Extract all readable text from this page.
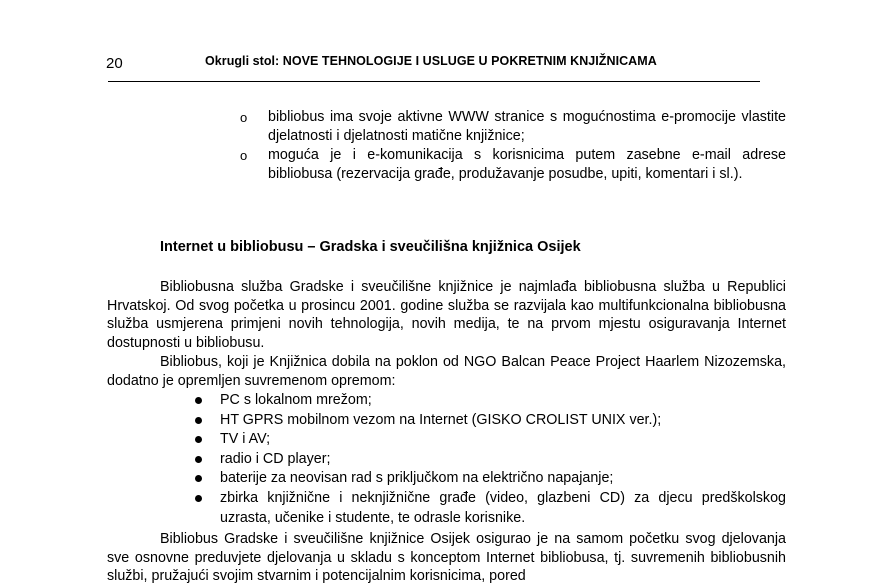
20	Okrugli stol: NOVE TEHNOLOGIJE I USLUGE U POKRETNIM KNJIŽNICAMA
o bibliobus ima svoje aktivne WWW stranice s mogućnostima e-promocije vlastite djelatnosti i djelatnosti matične knjižnice;
o moguća je i e-komunikacija s korisnicima putem zasebne e-mail adrese bibliobusa (rezervacija građe, produžavanje posudbe, upiti, komentari i sl.).
Internet u bibliobusu – Gradska i sveučilišna knjižnica Osijek

Bibliobusna služba Gradske i sveučilišne knjižnice je najmlađa bibliobusna služba u Republici Hrvatskoj. Od svog početka u prosincu 2001. godine služba se razvijala kao multifunkcionalna bibliobusna služba usmjerena primjeni novih tehnologija, novih medija, te na prvom mjestu osiguravanja Internet dostupnosti u bibliobusu.

Bibliobus, koji je Knjižnica dobila na poklon od NGO Balcan Peace Project Haarlem Nizozemska, dodatno je opremljen suvremenom opremom:

PC s lokalnom mrežom;
HT GPRS mobilnom vezom na Internet (GISKO CROLIST UNIX ver.);
TV i AV;
radio i CD player;
baterije za neovisan rad s priključkom na električno napajanje;
zbirka knjižnične i neknjižnične građe (video, glazbeni CD) za djecu predškolskog uzrasta, učenike i studente, te odrasle korisnike.

Bibliobus Gradske i sveučilišne knjižnice Osijek osigurao je na samom početku svog djelovanja sve osnovne preduvjete djelovanja u skladu s konceptom Internet bibliobusa, tj. suvremenih bibliobusnih službi, pružajući svojim stvarnim i potencijalnim korisnicima, pored
